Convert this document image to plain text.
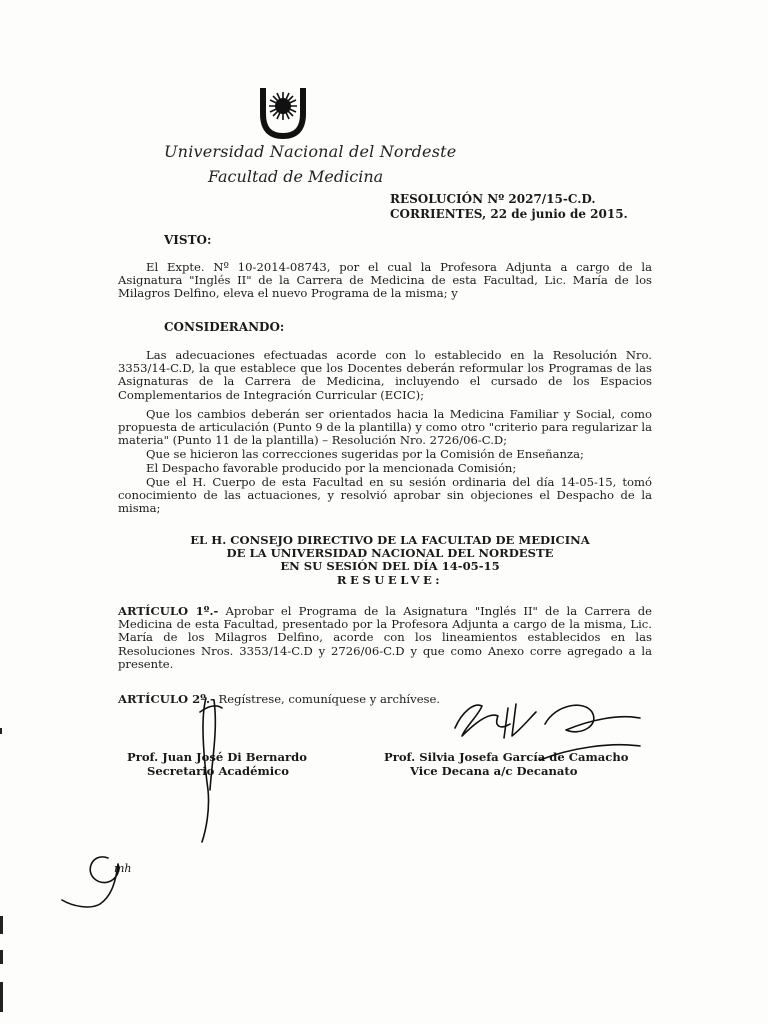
Universidad Nacional del Nordeste
Facultad de Medicina
RESOLUCIÓN Nº 2027/15-C.D.
CORRIENTES, 22 de junio de 2015.
VISTO:
El Expte. Nº 10-2014-08743, por el cual la Profesora Adjunta a cargo de la Asignatura "Inglés II" de la Carrera de Medicina de esta Facultad, Lic. María de los Milagros Delfino, eleva el nuevo Programa de la misma; y
CONSIDERANDO:
Las adecuaciones efectuadas acorde con lo establecido en la Resolución Nro. 3353/14-C.D, la que establece que los Docentes deberán reformular los Programas de las Asignaturas de la Carrera de Medicina, incluyendo el cursado de los Espacios Complementarios de Integración Curricular (ECIC);
Que los cambios deberán ser orientados hacia la Medicina Familiar y Social, como propuesta de articulación (Punto 9 de la plantilla) y como otro "criterio para regularizar la materia" (Punto 11 de la plantilla) – Resolución Nro. 2726/06-C.D;
Que se hicieron las correcciones sugeridas por la Comisión de Enseñanza;
El Despacho favorable producido por la mencionada Comisión;
Que el H. Cuerpo de esta Facultad en su sesión ordinaria del día 14-05-15, tomó conocimiento de las actuaciones, y resolvió aprobar sin objeciones el Despacho de la misma;
EL H. CONSEJO DIRECTIVO DE LA FACULTAD DE MEDICINA
DE LA UNIVERSIDAD NACIONAL DEL NORDESTE
EN SU SESIÓN DEL DÍA 14-05-15
RESUELVE:
ARTÍCULO 1º.- Aprobar el Programa de la Asignatura "Inglés II" de la Carrera de Medicina de esta Facultad, presentado por la Profesora Adjunta a cargo de la misma, Lic. María de los Milagros Delfino, acorde con los lineamientos establecidos en las Resoluciones Nros. 3353/14-C.D y 2726/06-C.D y que como Anexo corre agregado a la presente.
ARTÍCULO 2º.- Regístrese, comuníquese y archívese.
Prof. Juan José Di Bernardo
Secretario Académico
Prof. Silvia Josefa García de Camacho
Vice Decana a/c Decanato
mh
